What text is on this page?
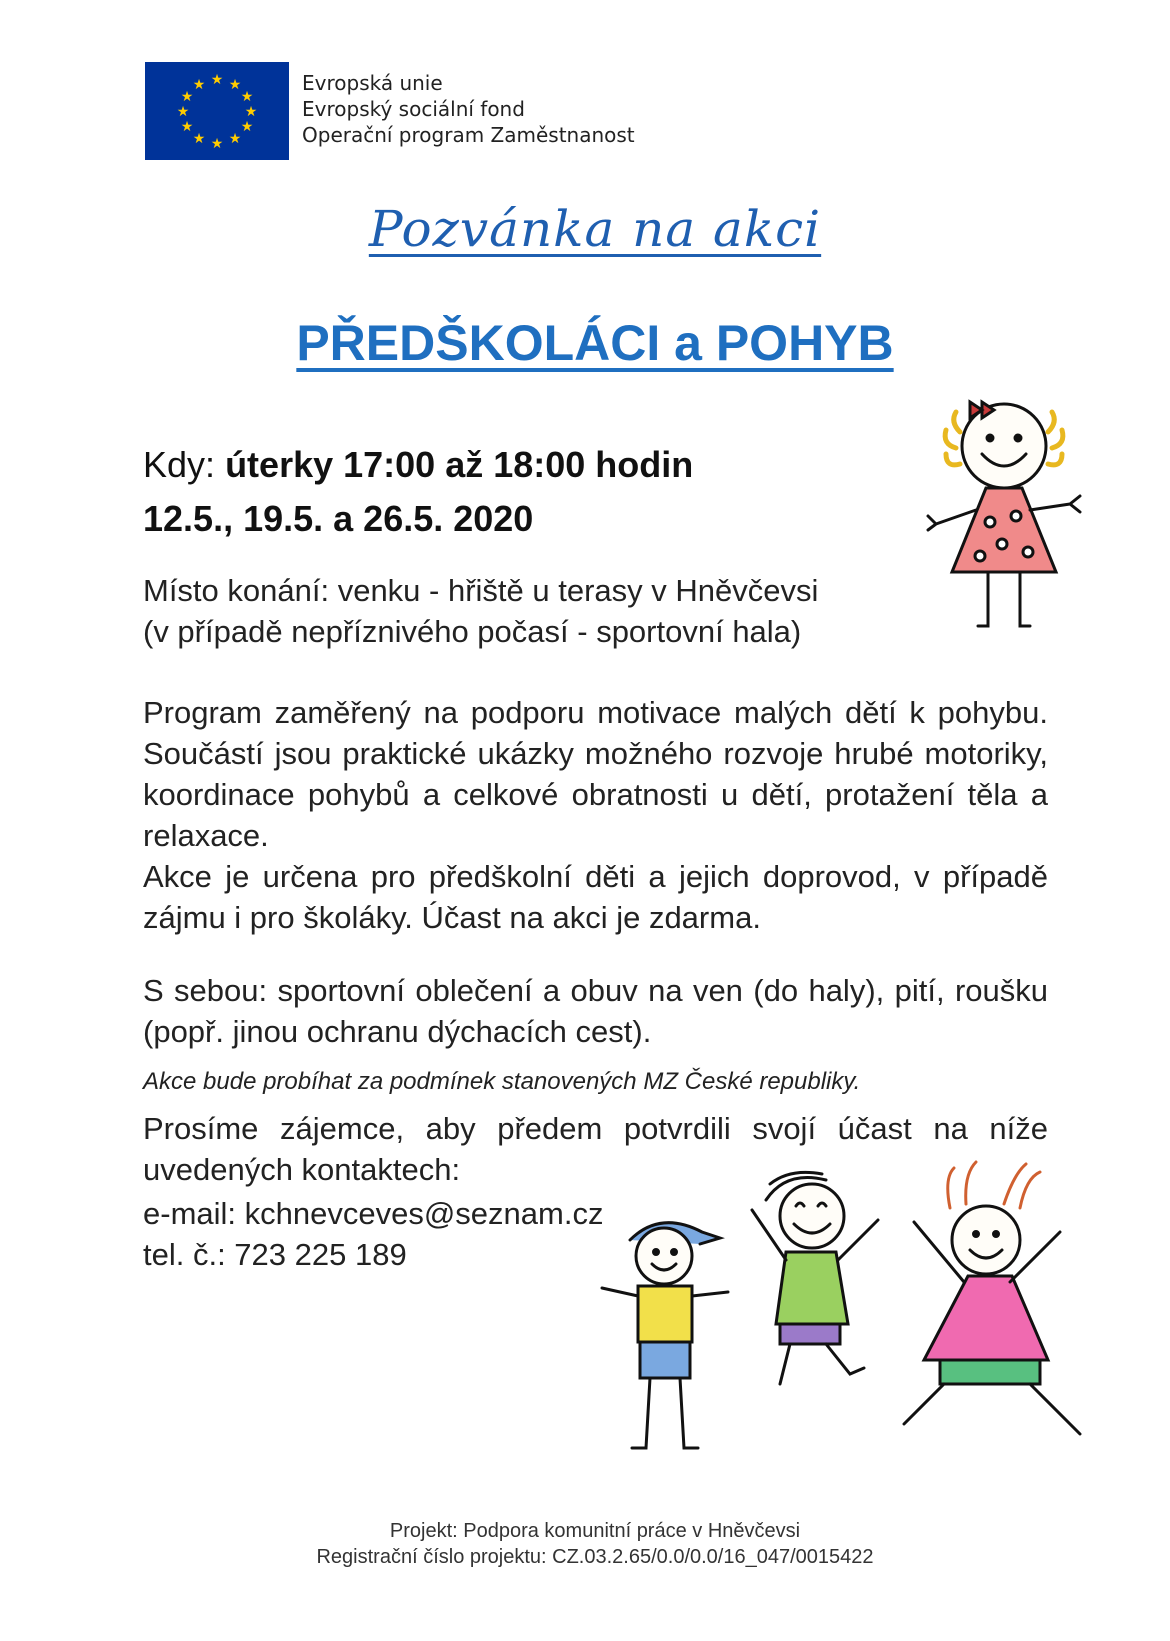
★ ★
★
★
★
★
★
★
★
★
★
★	Evropská unie
Evropský sociální fond
Operační program Zaměstnanost
Pozvánka na akci
PŘEDŠKOLÁCI a POHYB
Kdy: úterky 17:00 až 18:00 hodin
12.5., 19.5. a 26.5. 2020
Místo konání: venku - hřiště u terasy v Hněvčevsi
(v případě nepříznivého počasí - sportovní hala)
Program zaměřený na podporu motivace malých dětí k pohybu. Součástí jsou praktické ukázky možného rozvoje hrubé motoriky, koordinace pohybů a celkové obratnosti u dětí, protažení těla a relaxace.
Akce je určena pro předškolní děti a jejich doprovod, v případě zájmu i pro školáky. Účast na akci je zdarma.
S sebou: sportovní oblečení a obuv na ven (do haly), pití, roušku (popř. jinou ochranu dýchacích cest).
Akce bude probíhat za podmínek stanovených MZ České republiky.
Prosíme zájemce, aby předem potvrdili svojí účast na níže uvedených kontaktech:
e-mail: kchnevceves@seznam.cz
tel. č.: 723 225 189
Projekt: Podpora komunitní práce v Hněvčevsi
Registrační číslo projektu: CZ.03.2.65/0.0/0.0/16_047/0015422
